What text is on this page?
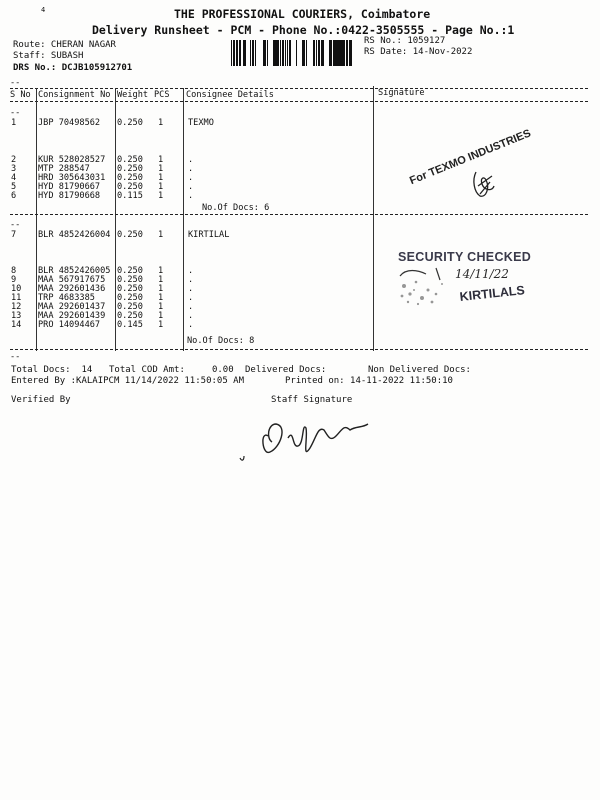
THE PROFESSIONAL COURIERS, Coimbatore
Delivery Runsheet - PCM - Phone No.:0422-3505555 - Page No.:1
4
Route: CHERAN NAGAR
Staff: SUBASH
DRS No.: DCJB105912701
RS No.: 1059127
RS Date: 14-Nov-2022
--
S No Consignment No Weight PCS Consignee Details	Signature
--
1	JBP 70498562 0.250 1	TEXMO
2	KUR 528028527 0.250 1	.
3	MTP 288547	0.250 1	.
4	HRD 305643031 0.250 1	.
5	HYD 81790667 0.250 1	.
6	HYD 81790668 0.115 1	.
No.Of Docs: 6
--
7	BLR 4852426004 0.250 1	KIRTILAL
8	BLR 4852426005 0.250 1	.
9	MAA 567917675 0.250 1	.
10 MAA 292601436 0.250 1	.
11 TRP 4683385	0.250 1	.
12 MAA 292601437 0.250 1	.
13 MAA 292601439 0.250 1	.
14 PRO 14094467 0.145 1	.
No.Of Docs: 8
--
Total Docs:  14 Total COD Amt:     0.00 Delivered Docs:	Non Delivered Docs:
Entered By :KALAIPCM 11/14/2022 11:50:05 AM	Printed on: 14-11-2022 11:50:10
Verified By	Staff Signature
For TEXMO INDUSTRIES
SECURITY CHECKED
14/11/22
KIRTILALS
